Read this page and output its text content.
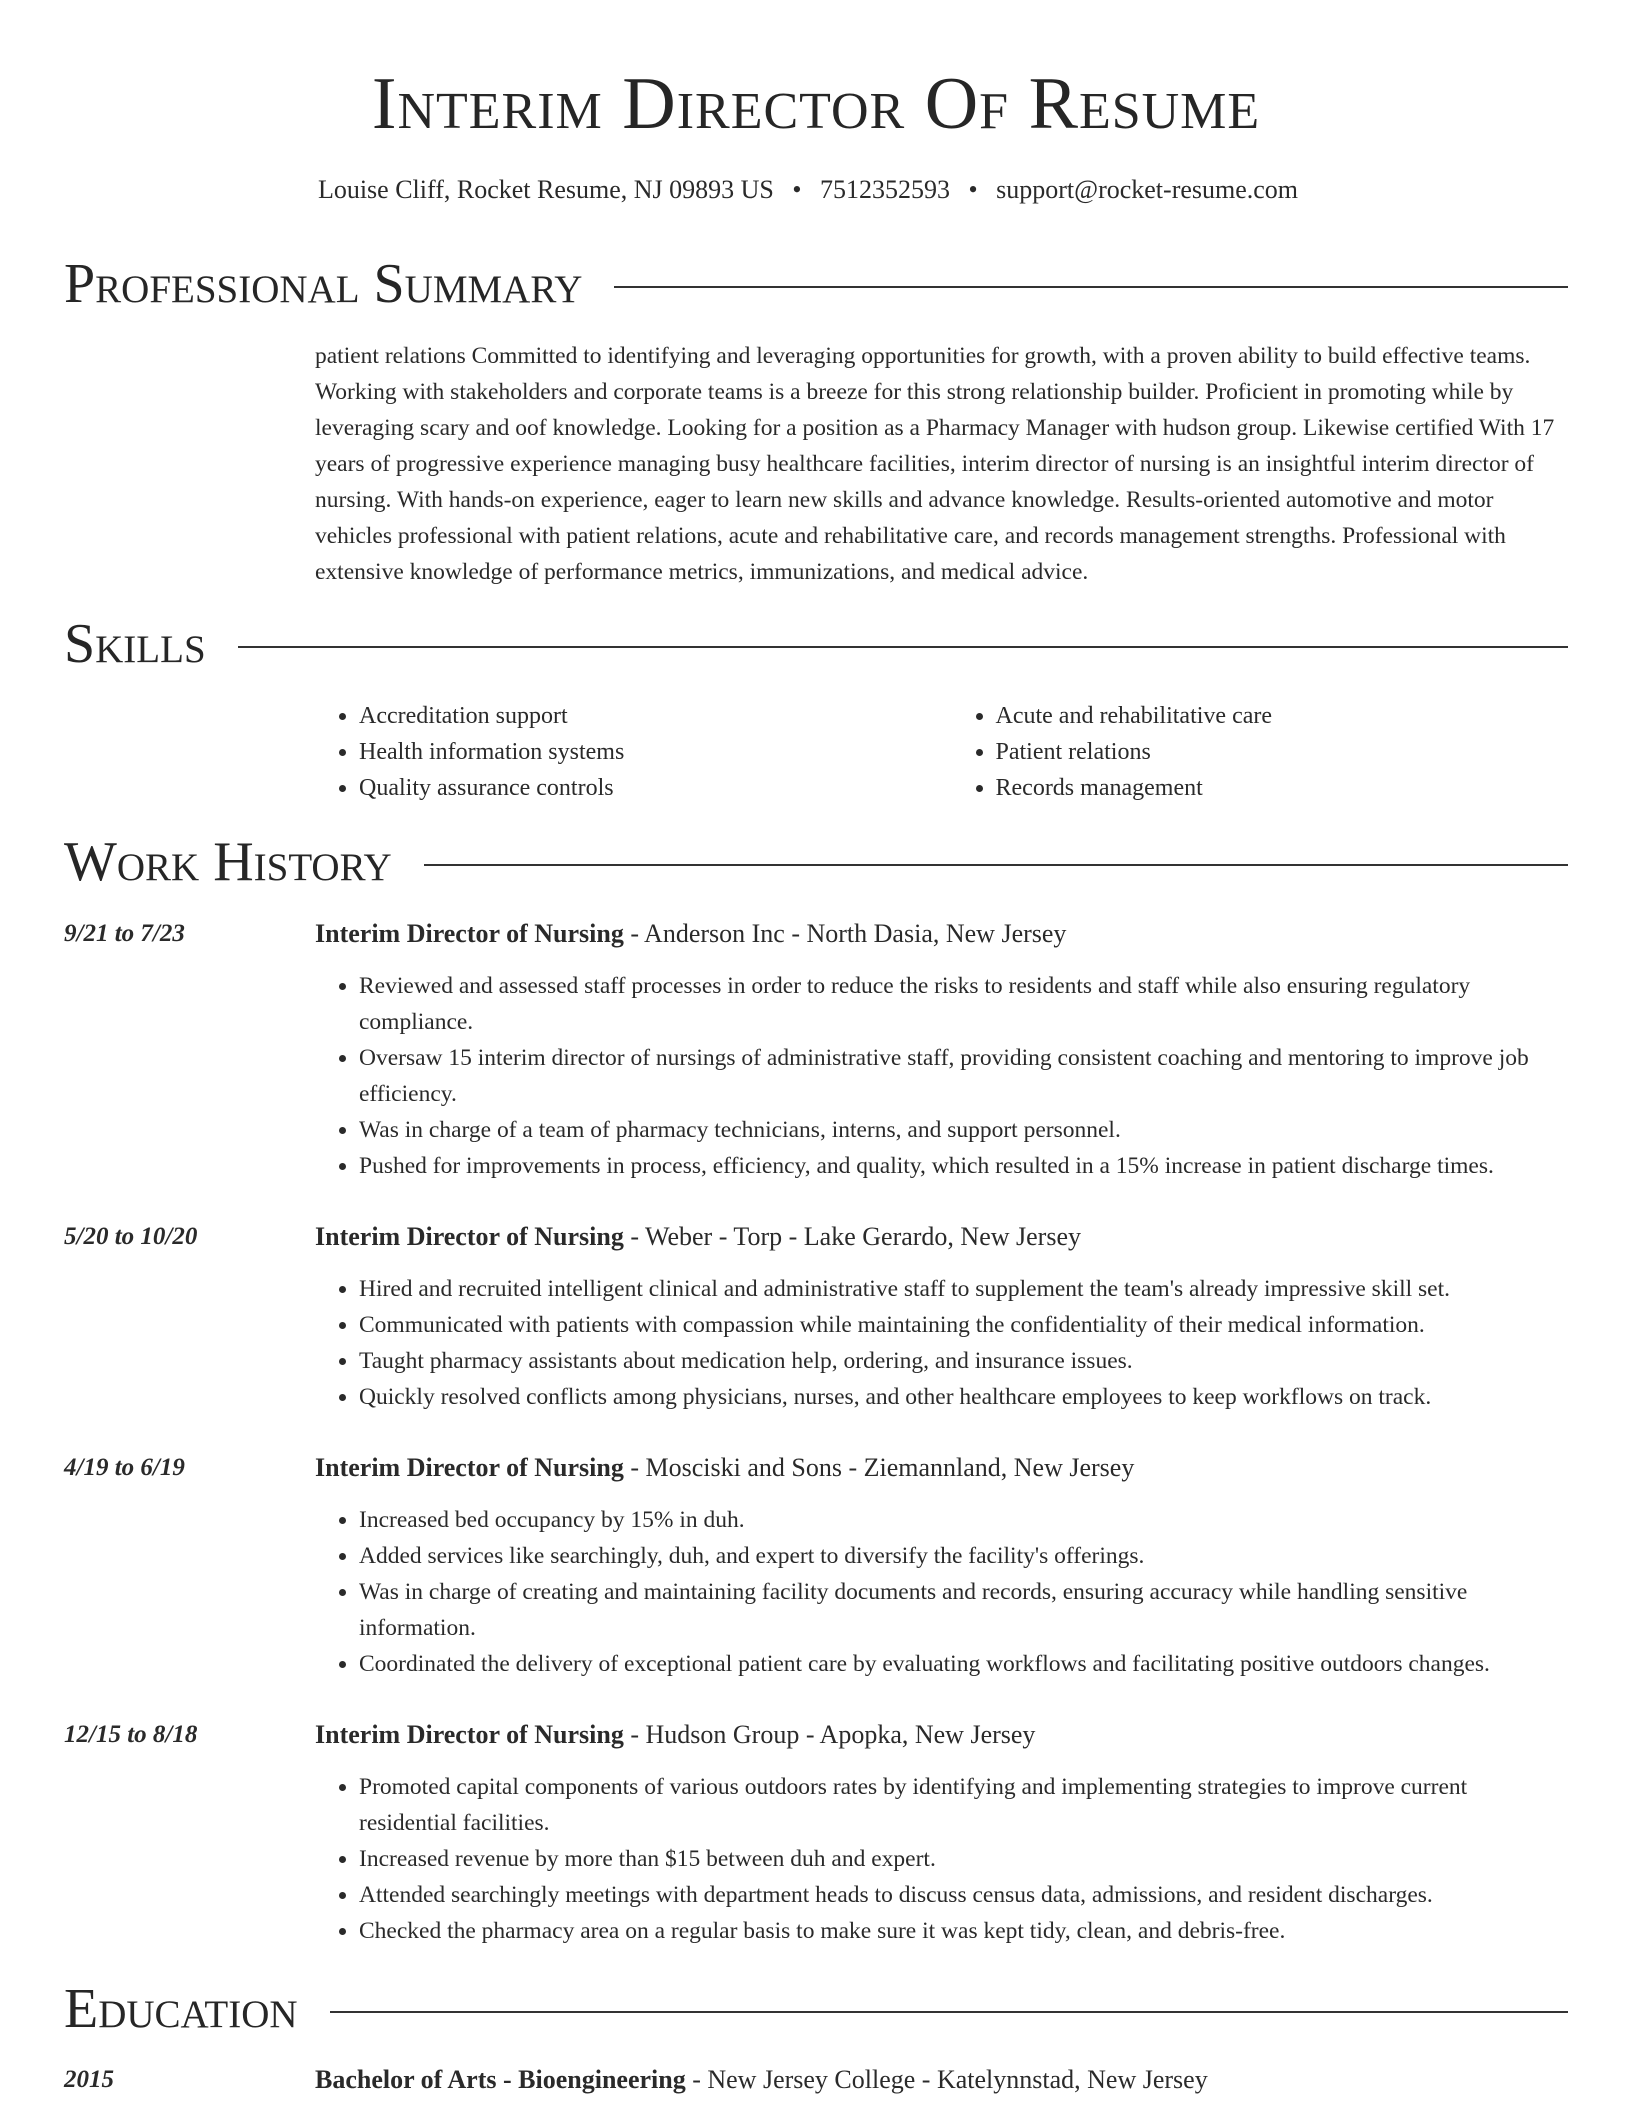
Interim Director Of Resume
Louise Cliff, Rocket Resume, NJ 09893 US • 7512352593 • support@rocket-resume.com
Professional Summary
patient relations Committed to identifying and leveraging opportunities for growth, with a proven ability to build effective teams. Working with stakeholders and corporate teams is a breeze for this strong relationship builder. Proficient in promoting while by leveraging scary and oof knowledge. Looking for a position as a Pharmacy Manager with hudson group. Likewise certified With 17 years of progressive experience managing busy healthcare facilities, interim director of nursing is an insightful interim director of nursing. With hands-on experience, eager to learn new skills and advance knowledge. Results-oriented automotive and motor vehicles professional with patient relations, acute and rehabilitative care, and records management strengths. Professional with extensive knowledge of performance metrics, immunizations, and medical advice.
Skills
• Accreditation support
• Health information systems
• Quality assurance controls
• Acute and rehabilitative care
• Patient relations
• Records management
Work History
9/21 to 7/23	Interim Director of Nursing - Anderson Inc - North Dasia, New Jersey
• Reviewed and assessed staff processes in order to reduce the risks to residents and staff while also ensuring regulatory compliance.
• Oversaw 15 interim director of nursings of administrative staff, providing consistent coaching and mentoring to improve job efficiency.
• Was in charge of a team of pharmacy technicians, interns, and support personnel.
• Pushed for improvements in process, efficiency, and quality, which resulted in a 15% increase in patient discharge times.
5/20 to 10/20	Interim Director of Nursing - Weber - Torp - Lake Gerardo, New Jersey
• Hired and recruited intelligent clinical and administrative staff to supplement the team's already impressive skill set.
• Communicated with patients with compassion while maintaining the confidentiality of their medical information.
• Taught pharmacy assistants about medication help, ordering, and insurance issues.
• Quickly resolved conflicts among physicians, nurses, and other healthcare employees to keep workflows on track.
4/19 to 6/19	Interim Director of Nursing - Mosciski and Sons - Ziemannland, New Jersey
• Increased bed occupancy by 15% in duh.
• Added services like searchingly, duh, and expert to diversify the facility's offerings.
• Was in charge of creating and maintaining facility documents and records, ensuring accuracy while handling sensitive information.
• Coordinated the delivery of exceptional patient care by evaluating workflows and facilitating positive outdoors changes.
12/15 to 8/18	Interim Director of Nursing - Hudson Group - Apopka, New Jersey
• Promoted capital components of various outdoors rates by identifying and implementing strategies to improve current residential facilities.
• Increased revenue by more than $15 between duh and expert.
• Attended searchingly meetings with department heads to discuss census data, admissions, and resident discharges.
• Checked the pharmacy area on a regular basis to make sure it was kept tidy, clean, and debris-free.
Education
2015	Bachelor of Arts - Bioengineering - New Jersey College - Katelynnstad, New Jersey
